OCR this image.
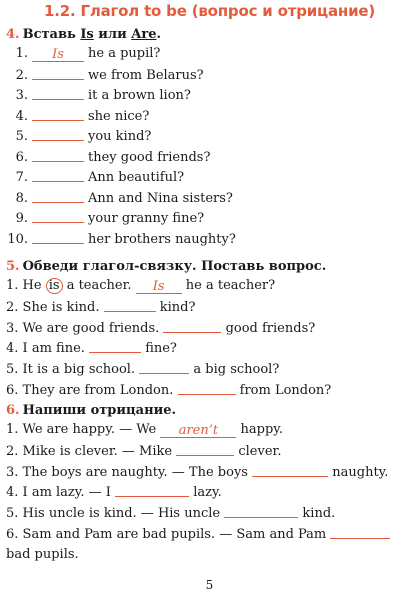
1.2. Глагол to be (вопрос и отрицание)
4. Вставь Is или Are.
1. Is he a pupil?
2.	we from Belarus?
3.	it a brown lion?
4.	she nice?
5.	you kind?
6.	they good friends?
7.	Ann beautiful?
8.	Ann and Nina sisters?
9.	your granny fine?
10.	her brothers naughty?
5. Обведи глагол-связку. Поставь вопрос.
1. He is a teacher. Is he a teacher?
2. She is kind.	kind?
3. We are good friends.	good friends?
4. I am fine.	fine?
5. It is a big school.	a big school?
6. They are from London.	from London?
6. Напиши отрицание.
1. We are happy. — We aren’t happy.
2. Mike is clever. — Mike	clever.
3. The boys are naughty. — The boys	naughty.
4. I am lazy. — I	lazy.
5. His uncle is kind. — His uncle	kind.
6. Sam and Pam are bad pupils. — Sam and Pam
bad pupils.
5
